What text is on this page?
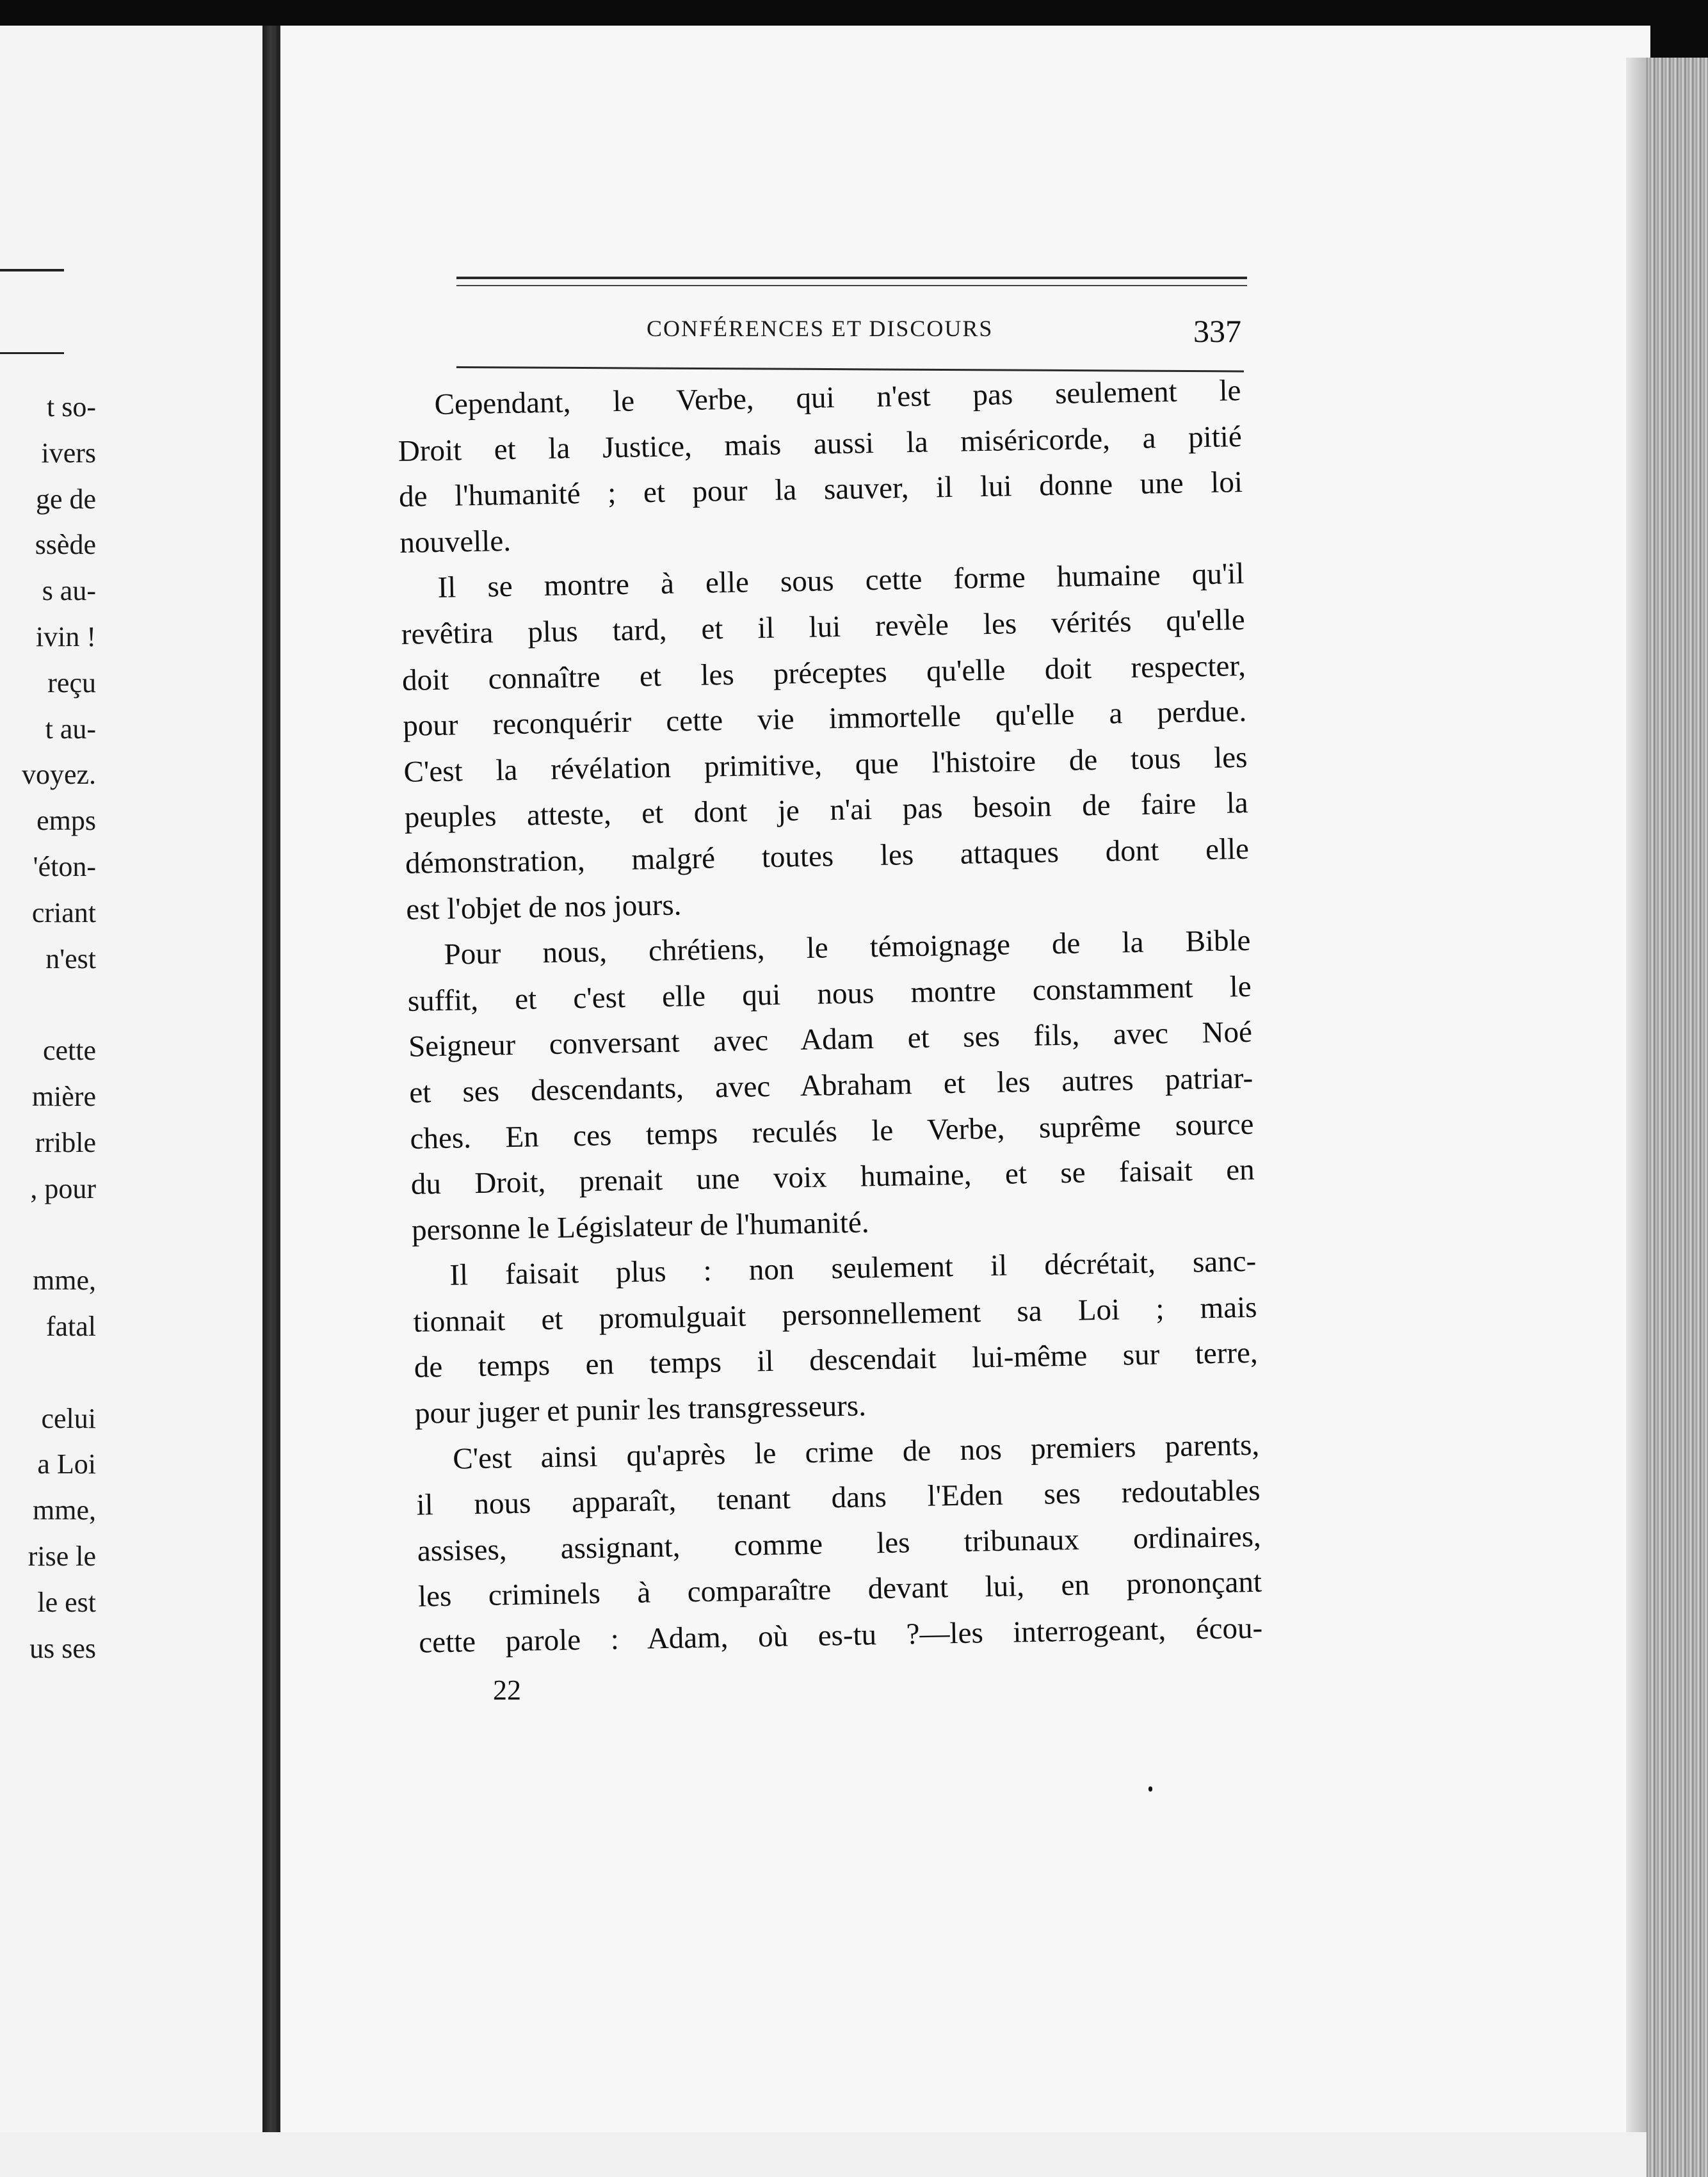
t so-
ivers
ge de
ssède
s au-
ivin !
reçu
t au-
voyez.
emps
'éton-
criant
n'est
cette
mière
rrible
, pour
mme,
fatal
celui
a Loi
mme,
rise le
le est
us ses
CONFÉRENCES ET DISCOURS	337
Cependant, le Verbe, qui n'est pas seulement le
Droit et la Justice, mais aussi la miséricorde, a pitié
de l'humanité ; et pour la sauver, il lui donne une loi
nouvelle.
Il se montre à elle sous cette forme humaine qu'il
revêtira plus tard, et il lui revèle les vérités qu'elle
doit connaître et les préceptes qu'elle doit respecter,
pour reconquérir cette vie immortelle qu'elle a perdue.
C'est la révélation primitive, que l'histoire de tous les
peuples atteste, et dont je n'ai pas besoin de faire la
démonstration, malgré toutes les attaques dont elle
est l'objet de nos jours.
Pour nous, chrétiens, le témoignage de la Bible
suffit, et c'est elle qui nous montre constamment le
Seigneur conversant avec Adam et ses fils, avec Noé
et ses descendants, avec Abraham et les autres patriar-
ches. En ces temps reculés le Verbe, suprême source
du Droit, prenait une voix humaine, et se faisait en
personne le Législateur de l'humanité.
Il faisait plus : non seulement il décrétait, sanc-
tionnait et promulguait personnellement sa Loi ; mais
de temps en temps il descendait lui-même sur terre,
pour juger et punir les transgresseurs.
C'est ainsi qu'après le crime de nos premiers parents,
il nous apparaît, tenant dans l'Eden ses redoutables
assises, assignant, comme les tribunaux ordinaires,
les criminels à comparaître devant lui, en prononçant
cette parole : Adam, où es-tu ?—les interrogeant, écou-
22
